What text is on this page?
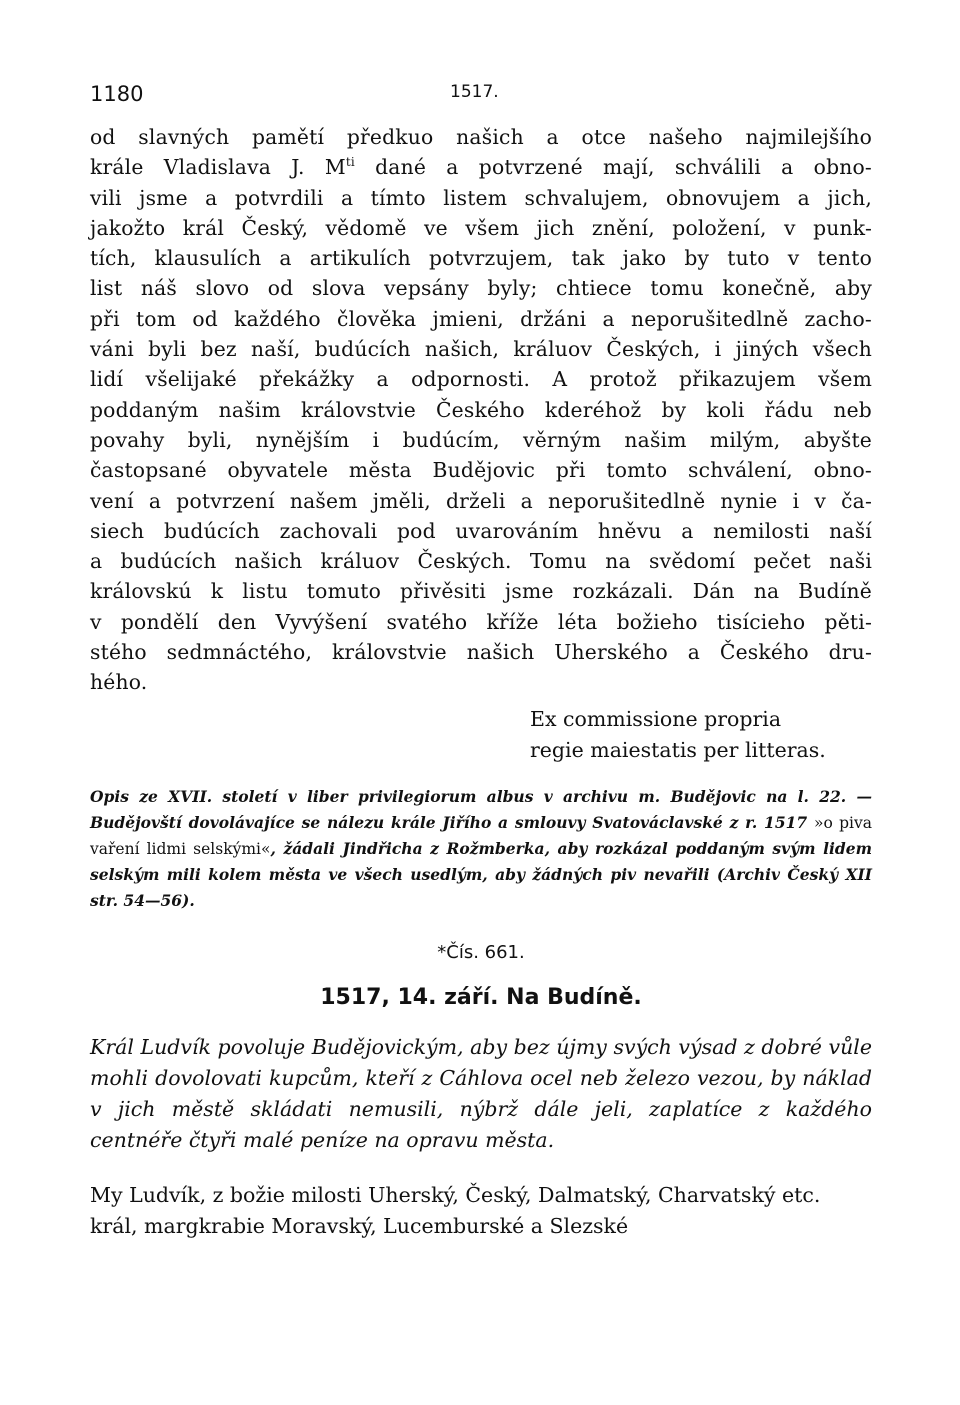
1180	1517.
od slavných pamětí předkuo našich a otce našeho najmilejšího
krále Vladislava J. $M^{ti}$ dané a potvrzené mají, schválili a obno-
vili jsme a potvrdili a tímto listem schvalujem, obnovujem a jich,
jakožto král Český, vědomě ve všem jich znění, položení, v punk-
tích, klausulích a artikulích potvrzujem, tak jako by tuto v tento
list náš slovo od slova vepsány byly; chtiece tomu konečně, aby
při tom od každého člověka jmieni, držáni a neporušitedlně zacho-
váni byli bez naší, budúcích našich, králuov Českých, i jiných všech
lidí všelijaké překážky a odpornosti. A protož přikazujem všem
poddaným našim královstvie Českého kderéhož by koli řádu neb
povahy byli, nynějším i budúcím, věrným našim milým, abyšte
častopsané obyvatele města Budějovic při tomto schválení, obno-
vení a potvrzení našem jměli, drželi a neporušitedlně nynie i v ča-
siech budúcích zachovali pod uvarováním hněvu a nemilosti naší
a budúcích našich králuov Českých. Tomu na svědomí pečet naši
královskú k listu tomuto přivěsiti jsme rozkázali. Dán na Budíně
v pondělí den Vyvýšení svatého kříže léta božieho tisícieho pěti-
stého sedmnáctého, královstvie našich Uherského a Českého dru-
hého.
Ex commissione propria
regie maiestatis per litteras.
Opis ze XVII. století v liber privilegiorum albus v archivu m. Budějovic na l. 22. — Budějovští dovolávajíce se nálezu krále Jiřího a smlouvy Svatováclavské z r. 1517 »o piva vaření lidmi selskými«, žádali Jindřicha z Rožmberka, aby rozkázal poddaným svým lidem selským mili kolem města ve všech usedlým, aby žádných piv nevařili (Archiv Český XII str. 54—56).
*Čís. 661.
1517, 14. září. Na Budíně.
Král Ludvík povoluje Budějovickým, aby bez újmy svých výsad z dobré vůle mohli dovolovati kupcům, kteří z Cáhlova ocel neb železo vezou, by náklad v jich městě skládati nemusili, nýbrž dále jeli, zaplatíce z každého centnéře čtyři malé peníze na opravu města.
My Ludvík, z božie milosti Uherský, Český, Dalmatský, Charvatský etc. král, margkrabie Moravský, Lucemburské a Slezské
